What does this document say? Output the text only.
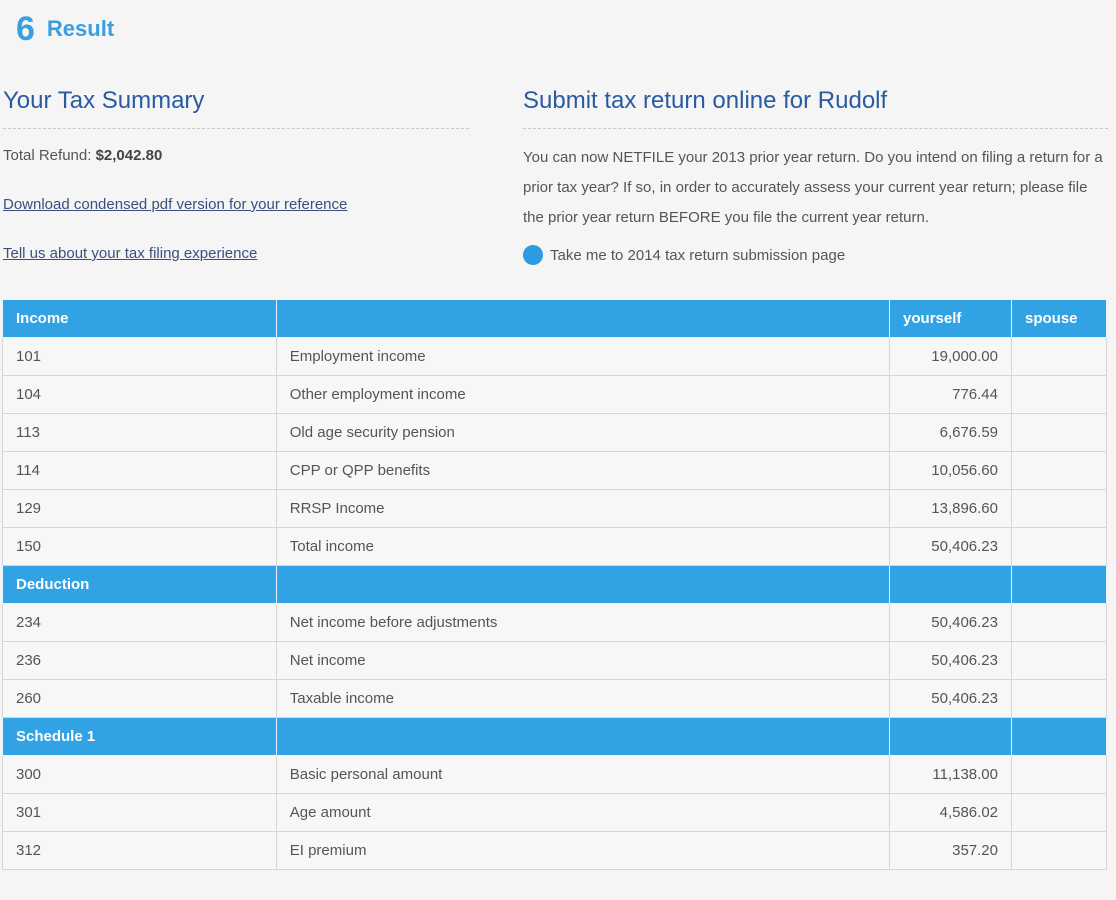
6 Result
Your Tax Summary
Total Refund: $2,042.80
Download condensed pdf version for your reference
Tell us about your tax filing experience
Submit tax return online for Rudolf
You can now NETFILE your 2013 prior year return. Do you intend on filing a return for a prior tax year? If so, in order to accurately assess your current year return; please file the prior year return BEFORE you file the current year return.
Take me to 2014 tax return submission page
Income		yourself	spouse
101	Employment income	19,000.00	
104	Other employment income	776.44	
113	Old age security pension	6,676.59	
114	CPP or QPP benefits	10,056.60	
129	RRSP Income	13,896.60	
150	Total income	50,406.23	
Deduction			
234	Net income before adjustments	50,406.23	
236	Net income	50,406.23	
260	Taxable income	50,406.23	
Schedule 1			
300	Basic personal amount	11,138.00	
301	Age amount	4,586.02	
312	EI premium	357.20	
